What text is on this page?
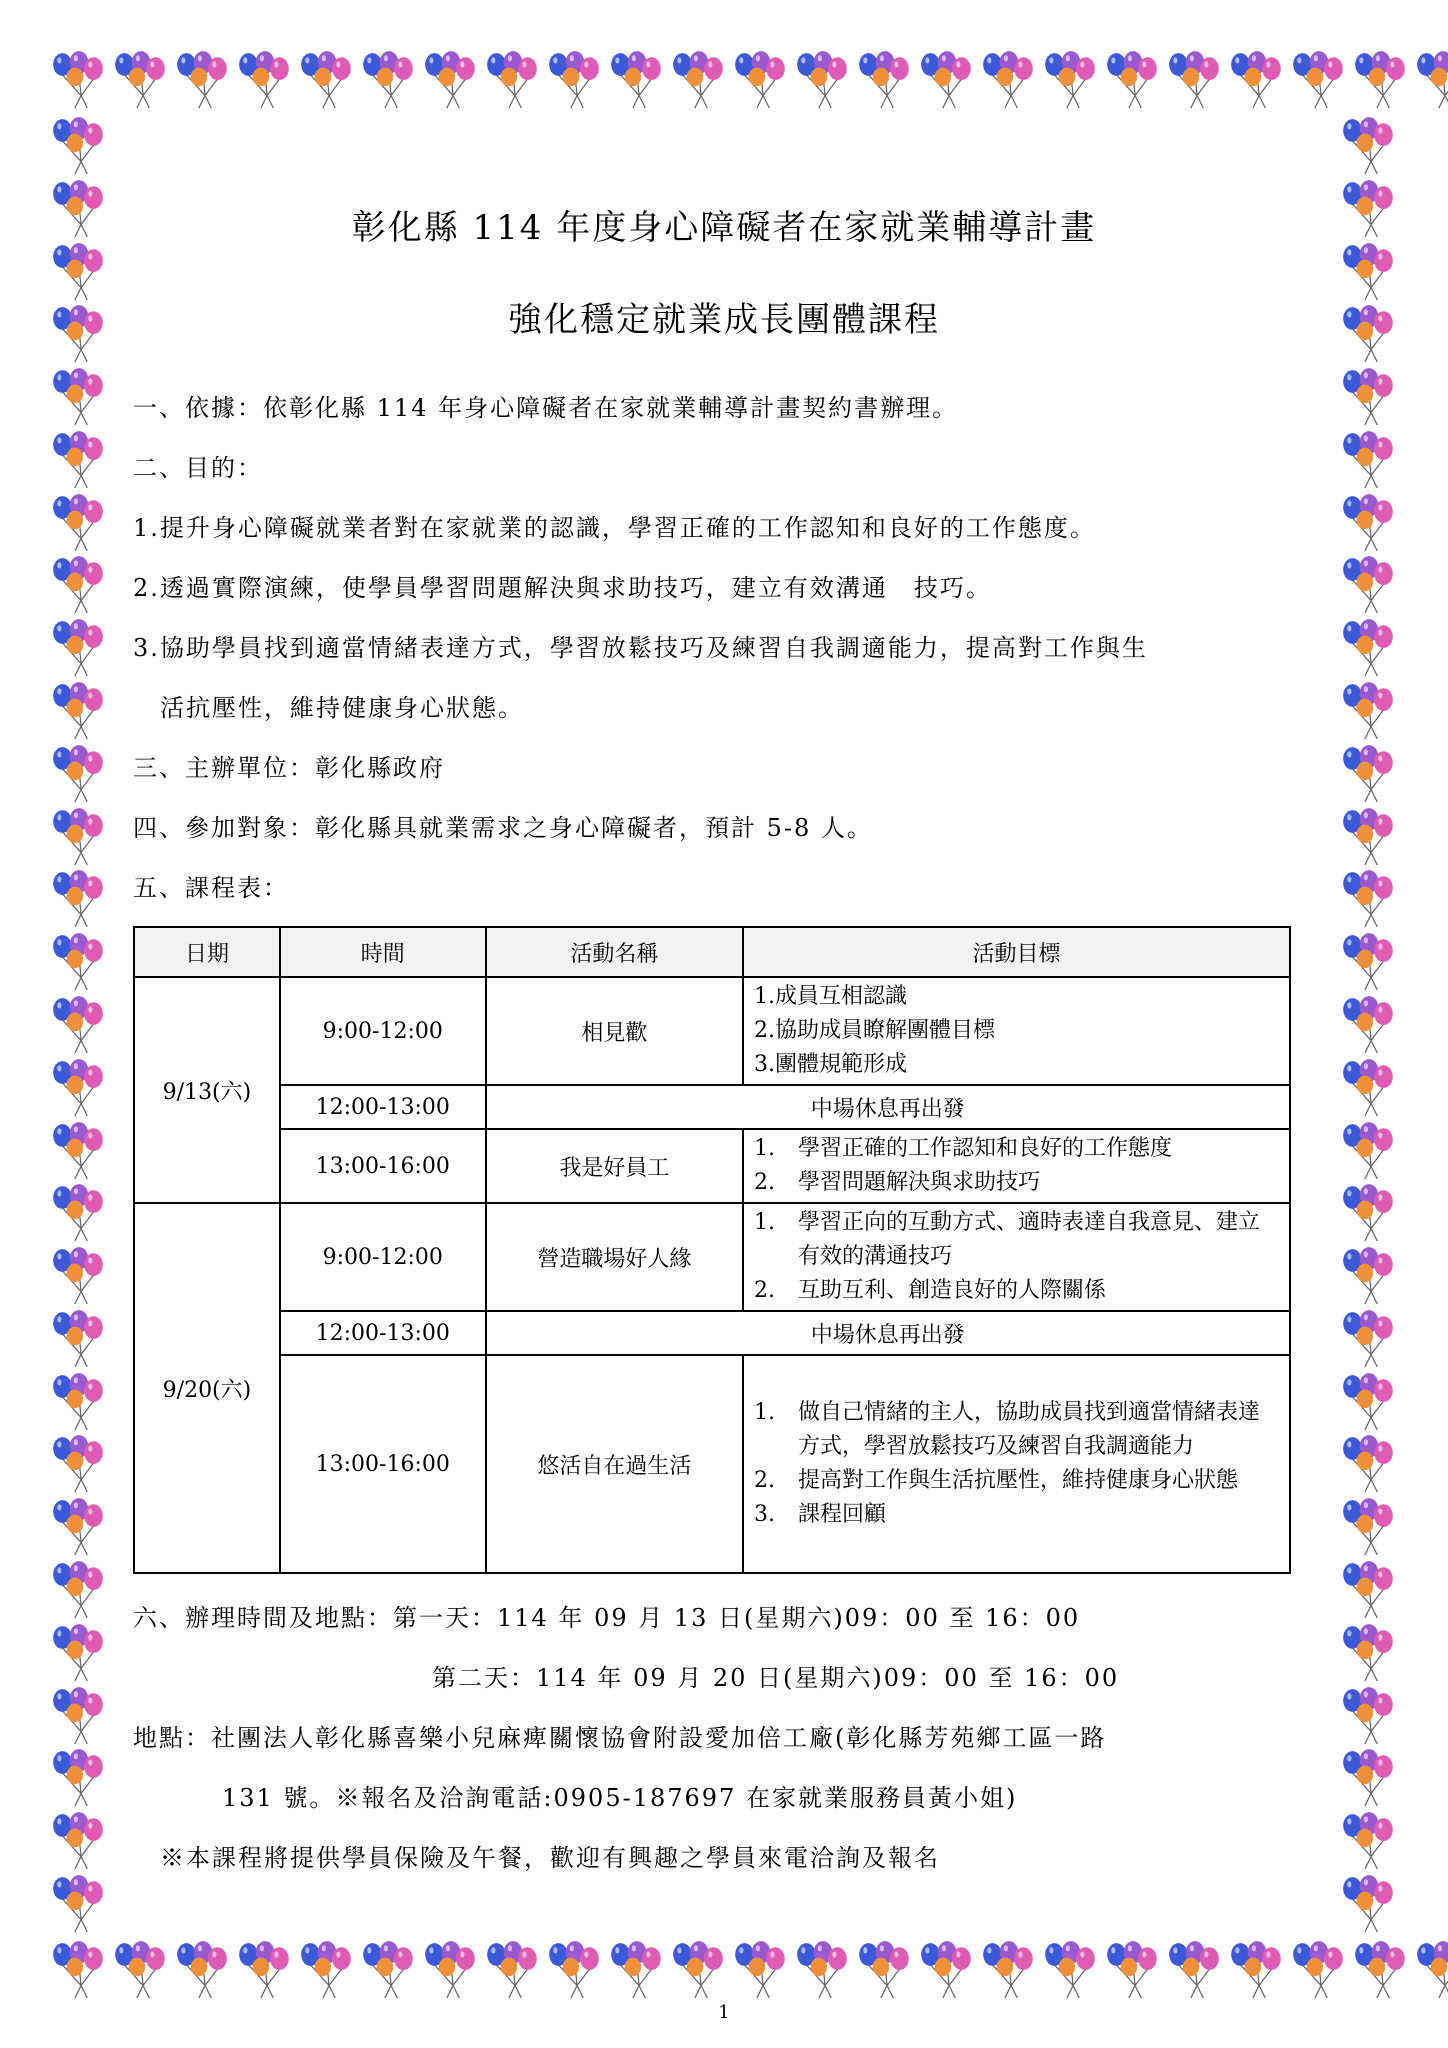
彰化縣 114 年度身心障礙者在家就業輔導計畫
強化穩定就業成長團體課程

一、依據：依彰化縣 114 年身心障礙者在家就業輔導計畫契約書辦理。

二、目的：

1.提升身心障礙就業者對在家就業的認識，學習正確的工作認知和良好的工作態度。

2.透過實際演練，使學員學習問題解決與求助技巧，建立有效溝通　技巧。

3.協助學員找到適當情緒表達方式，學習放鬆技巧及練習自我調適能力，提高對工作與生

活抗壓性，維持健康身心狀態。

三、主辦單位：彰化縣政府

四、參加對象：彰化縣具就業需求之身心障礙者，預計 5-8 人。

五、課程表：

日期	時間	活動名稱	活動目標
9/13(六)	9:00-12:00	相見歡	1.成員互相認識
2.協助成員瞭解團體目標
3.團體規範形成

	12:00-13:00	中場休息再出發	
	13:00-16:00	我是好員工	1. 學習正確的工作認知和良好的工作態度
2. 學習問題解決與求助技巧

9/20(六)	9:00-12:00	營造職場好人緣	1. 學習正向的互動方式、適時表達自我意見、建立有效的溝通技巧
2. 互助互利、創造良好的人際關係

	12:00-13:00	中場休息再出發	
	13:00-16:00	悠活自在過生活	1. 做自己情緒的主人，協助成員找到適當情緒表達方式，學習放鬆技巧及練習自我調適能力
2. 提高對工作與生活抗壓性，維持健康身心狀態
3. 課程回顧

六、辦理時間及地點：第一天：114 年 09 月 13 日(星期六)09：00 至 16：00

第二天：114 年 09 月 20 日(星期六)09：00 至 16：00

地點：社團法人彰化縣喜樂小兒麻痺關懷協會附設愛加倍工廠(彰化縣芳苑鄉工區一路

131 號。※報名及洽詢電話:0905-187697 在家就業服務員黃小姐)

※本課程將提供學員保險及午餐，歡迎有興趣之學員來電洽詢及報名

1
